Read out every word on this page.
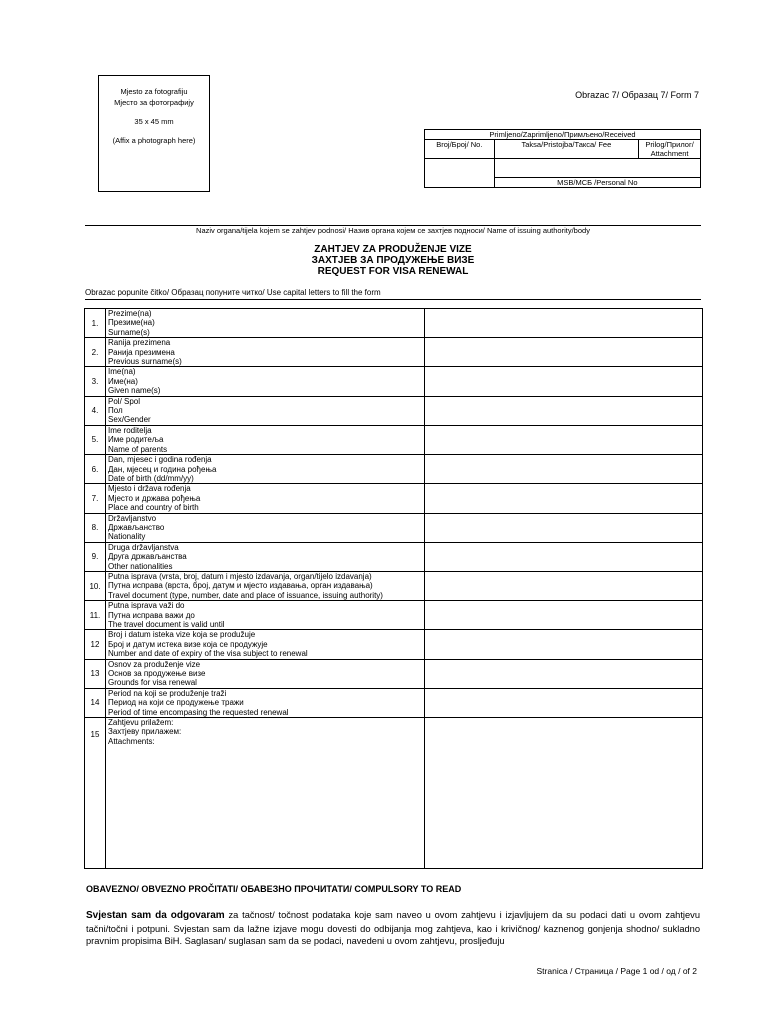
Mjesto za fotografiju
Мјесто за фотографију
35 x 45 mm
(Affix a photograph here)
Obrazac 7/ Образац 7/ Form 7
Primljeno/Zaprimljeno/Примљено/Received		
Broj/Број/ No.	Taksa/Pristojba/Такса/ Fee	Prilog/Прилог/ Attachment

	MSB/МСБ /Personal No	
Naziv organa/tijela kojem se zahtjev podnosi/ Назив органа којем се захтјев подноси/ Name of issuing authority/body
ZAHTJEV ZA PRODUŽENJE VIZE
ЗАХТЈЕВ ЗА ПРОДУЖЕЊЕ ВИЗЕ
REQUEST FOR VISA RENEWAL
Obrazac popunite čitko/ Образац попуните читко/ Use capital letters to fill the form
1.	Prezime(na)
Презиме(на)
Surname(s)	

2.	Ranija prezimena
Ранија презимена
Previous surname(s)	

3.	Ime(na)
Име(на)
Given name(s)	

4.	Pol/ Spol
Пол
Sex/Gender	

5.	Ime roditelja
Име родитеља
Name of parents	

6.	Dan, mjesec i godina rođenja
Дан, мјесец и година рођења
Date of birth (dd/mm/yy)	

7.	Mjesto i država rođenja
Мјесто и држава рођења
Place and country of birth	

8.	Državljanstvo
Држављанство
Nationality	

9.	Druga državljanstva
Друга држављанства
Other nationalities	

10.	Putna isprava (vrsta, broj, datum i mjesto izdavanja, organ/tijelo izdavanja)
Путна исправа (врста, број, датум и мјесто издавања, орган издавања)
Travel document (type, number, date and place of issuance, issuing authority)	

11.	Putna isprava važi do
Путна исправа важи до
The travel document is valid until	

12	Broj i datum isteka vize koja se produžuje
Број и датум истека визе која се продужује
Number and date of expiry of the visa subject to renewal	

13	Osnov za produženje vize
Основ за продужење визе
Grounds for visa renewal	

14	Period na koji se produženje traži
Период на који се продужење тражи
Period of time encompasing the requested renewal	

15	Zahtjevu prilažem:
Захтјеву прилажем:
Attachments:	

OBAVEZNO/ OBVEZNO PROČITATI/ ОБАВЕЗНО ПРОЧИТАТИ/ COMPULSORY TO READ
Svjestan sam da odgovaram za tačnost/ točnost podataka koje sam naveo u ovom zahtjevu i izjavljujem da su podaci dati u ovom zahtjevu tačni/točni i potpuni. Svjestan sam da lažne izjave mogu dovesti do odbijanja mog zahtjeva, kao i krivičnog/ kaznenog gonjenja shodno/ sukladno pravnim propisima BiH. Saglasan/ suglasan sam da se podaci, navedeni u ovom zahtjevu, prosljeđuju
Stranica / Страница / Page 1 od / од / of 2
